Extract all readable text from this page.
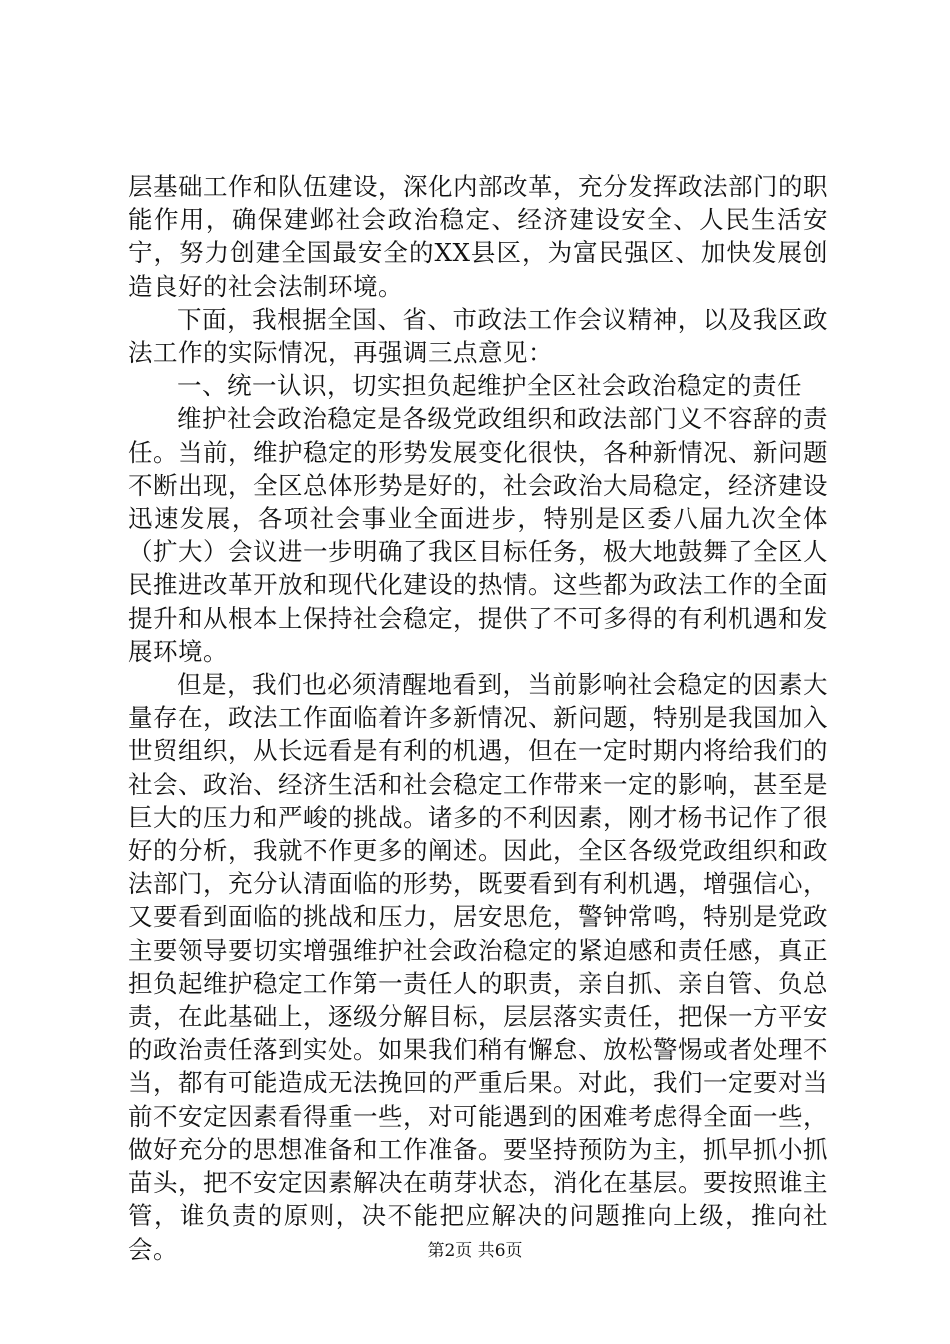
层基础工作和队伍建设，深化内部改革，充分发挥政法部门的职能作用，确保建邺社会政治稳定、经济建设安全、人民生活安宁，努力创建全国最安全的XX县区，为富民强区、加快发展创造良好的社会法制环境。

下面，我根据全国、省、市政法工作会议精神，以及我区政法工作的实际情况，再强调三点意见：

一、统一认识，切实担负起维护全区社会政治稳定的责任

维护社会政治稳定是各级党政组织和政法部门义不容辞的责任。当前，维护稳定的形势发展变化很快，各种新情况、新问题不断出现，全区总体形势是好的，社会政治大局稳定，经济建设迅速发展，各项社会事业全面进步，特别是区委八届九次全体（扩大）会议进一步明确了我区目标任务，极大地鼓舞了全区人民推进改革开放和现代化建设的热情。这些都为政法工作的全面提升和从根本上保持社会稳定，提供了不可多得的有利机遇和发展环境。

但是，我们也必须清醒地看到，当前影响社会稳定的因素大量存在，政法工作面临着许多新情况、新问题，特别是我国加入世贸组织，从长远看是有利的机遇，但在一定时期内将给我们的社会、政治、经济生活和社会稳定工作带来一定的影响，甚至是巨大的压力和严峻的挑战。诸多的不利因素，刚才杨书记作了很好的分析，我就不作更多的阐述。因此，全区各级党政组织和政法部门，充分认清面临的形势，既要看到有利机遇，增强信心，又要看到面临的挑战和压力，居安思危，警钟常鸣，特别是党政主要领导要切实增强维护社会政治稳定的紧迫感和责任感，真正担负起维护稳定工作第一责任人的职责，亲自抓、亲自管、负总责，在此基础上，逐级分解目标，层层落实责任，把保一方平安的政治责任落到实处。如果我们稍有懈怠、放松警惕或者处理不当，都有可能造成无法挽回的严重后果。对此，我们一定要对当前不安定因素看得重一些，对可能遇到的困难考虑得全面一些，做好充分的思想准备和工作准备。要坚持预防为主，抓早抓小抓苗头，把不安定因素解决在萌芽状态，消化在基层。要按照谁主管，谁负责的原则，决不能把应解决的问题推向上级，推向社会。	第2页 共6页
